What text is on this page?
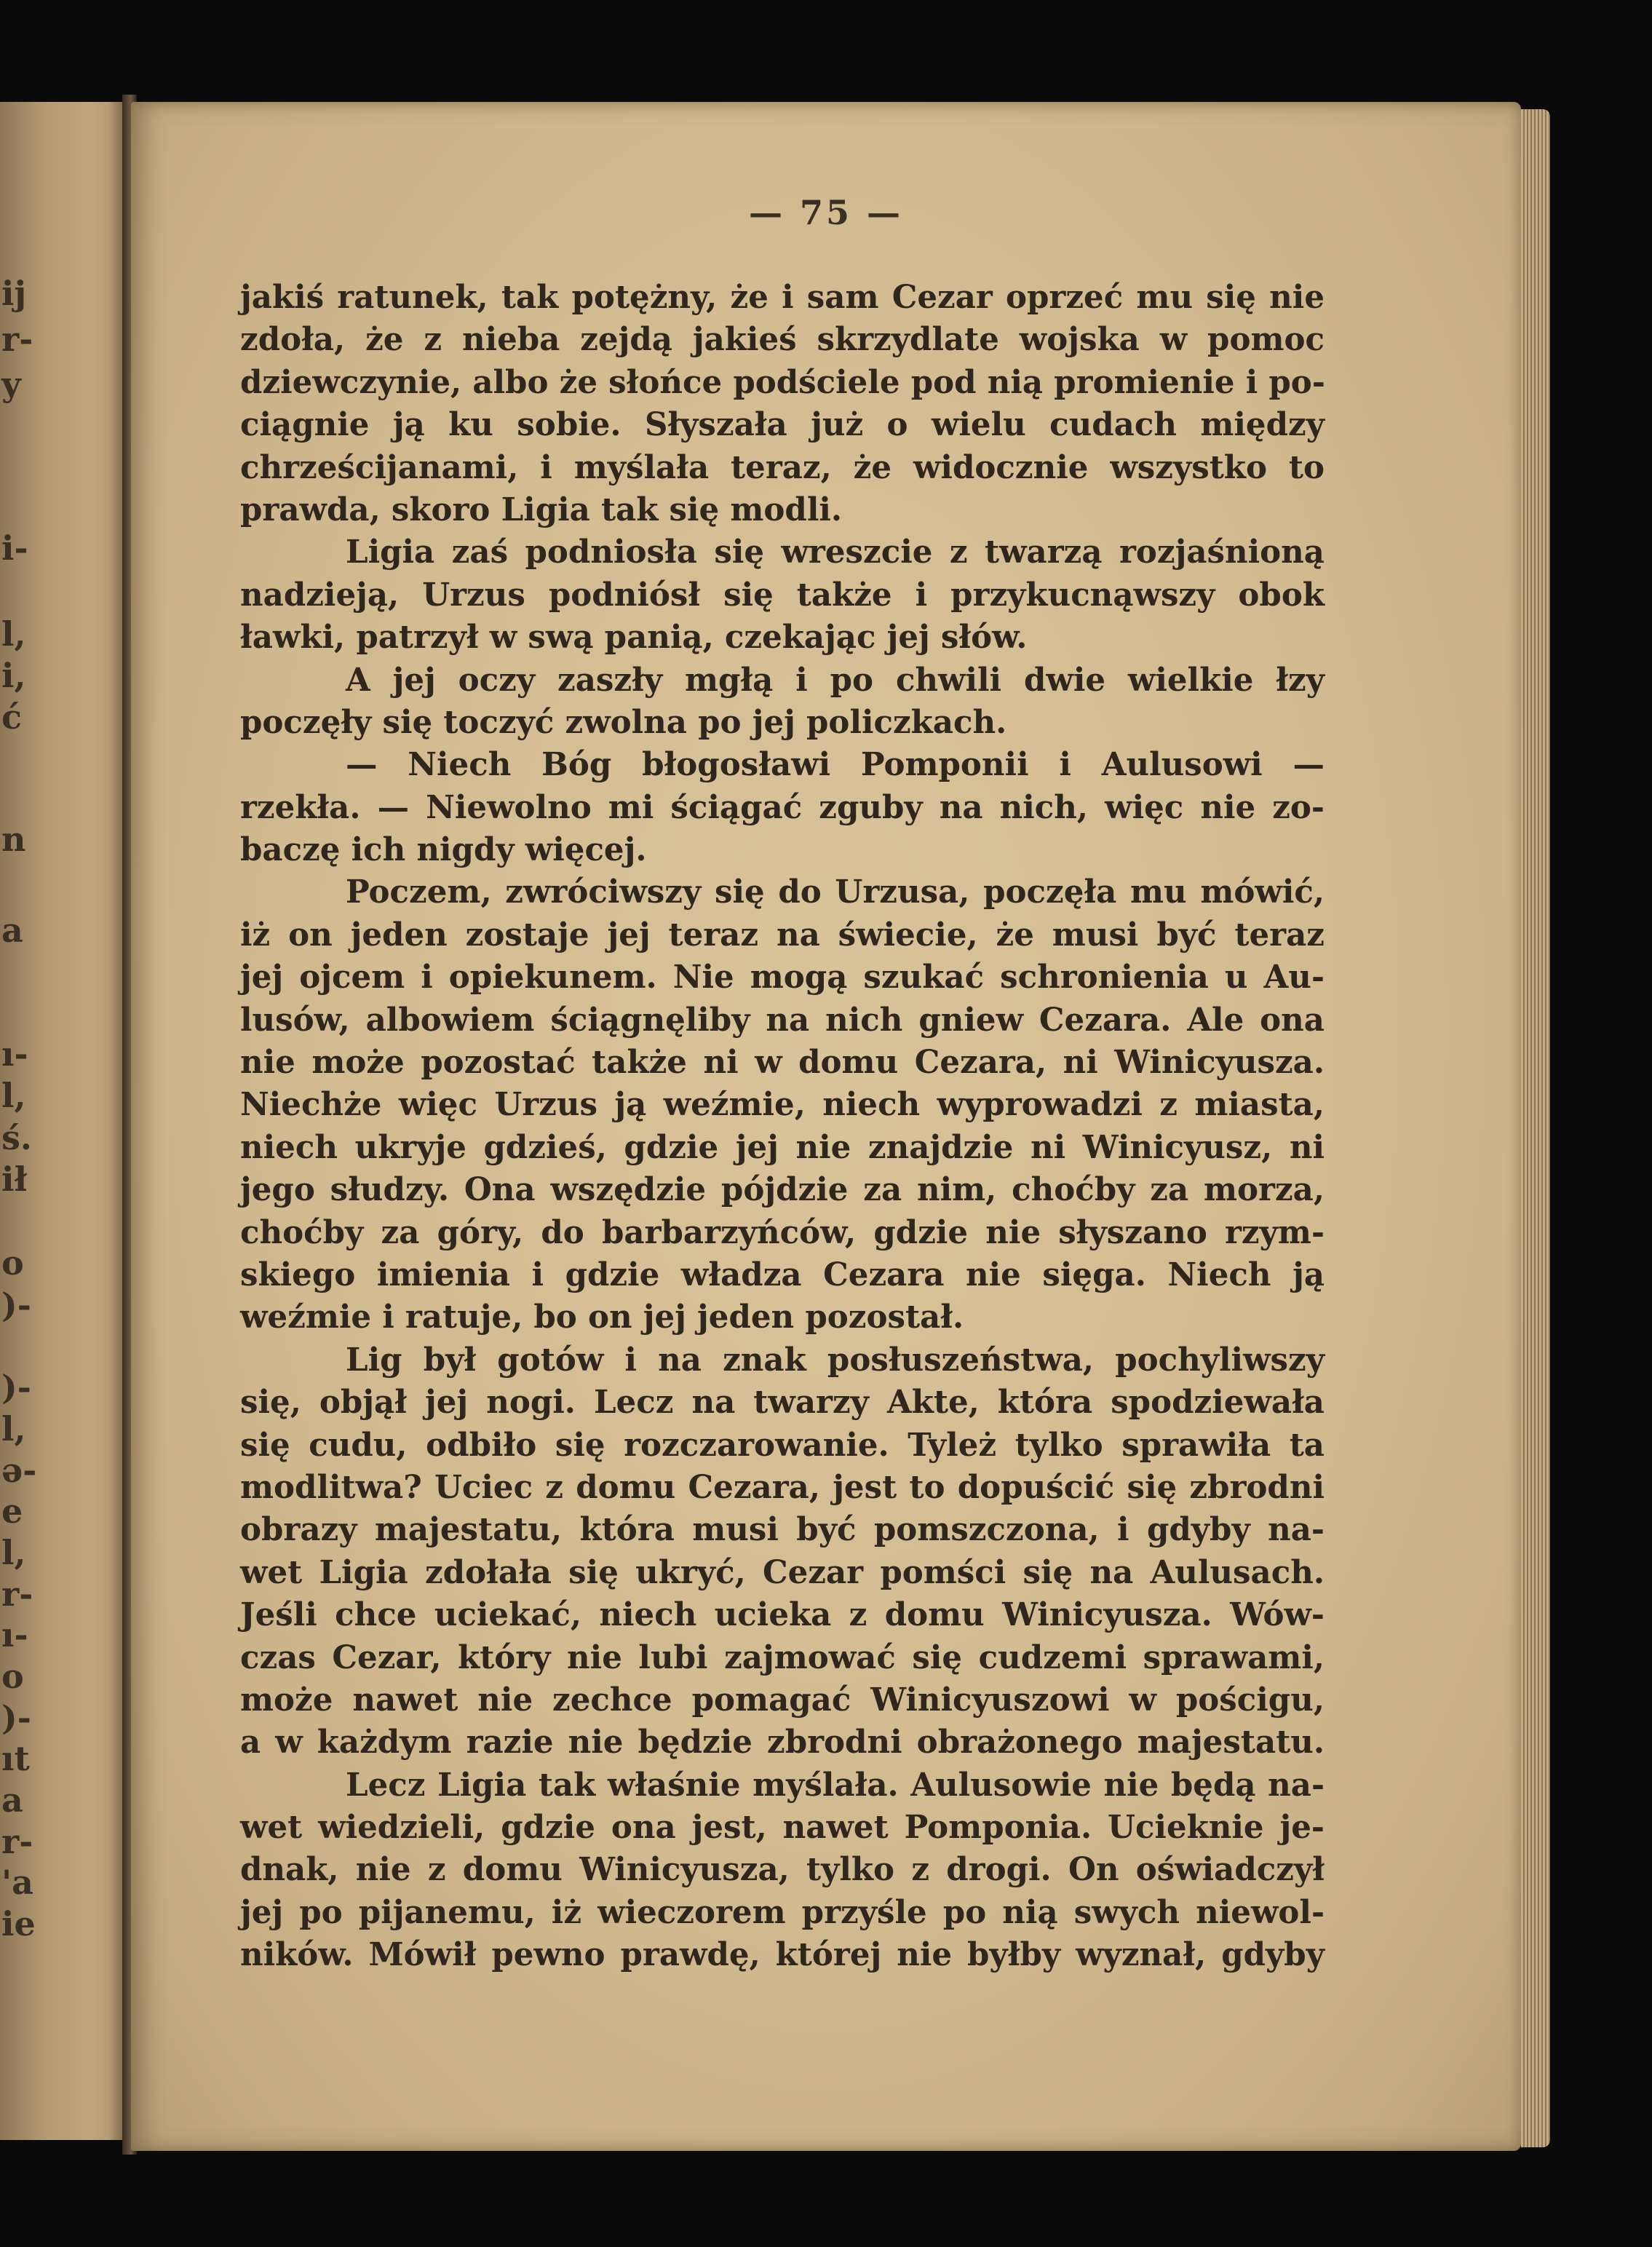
ij
r-
y
i-
l,
i,
ć
n
a
ı-
l,
ś.
ił
o
)-
)-
l,
ə-
e
l,
r-
ı-
o
)-
ıt
a
r-
'a
ie
— 75 —
jakiś ratunek, tak potężny, że i sam Cezar oprzeć mu się nie
zdoła, że z nieba zejdą jakieś skrzydlate wojska w pomoc
dziewczynie, albo że słońce podściele pod nią promienie i po-
ciągnie ją ku sobie. Słyszała już o wielu cudach między
chrześcijanami, i myślała teraz, że widocznie wszystko to
prawda, skoro Ligia tak się modli.
Ligia zaś podniosła się wreszcie z twarzą rozjaśnioną
nadzieją, Urzus podniósł się także i przykucnąwszy obok
ławki, patrzył w swą panią, czekając jej słów.
A jej oczy zaszły mgłą i po chwili dwie wielkie łzy
poczęły się toczyć zwolna po jej policzkach.
— Niech Bóg błogosławi Pomponii i Aulusowi —
rzekła. — Niewolno mi ściągać zguby na nich, więc nie zo-
baczę ich nigdy więcej.
Poczem, zwróciwszy się do Urzusa, poczęła mu mówić,
iż on jeden zostaje jej teraz na świecie, że musi być teraz
jej ojcem i opiekunem. Nie mogą szukać schronienia u Au-
lusów, albowiem ściągnęliby na nich gniew Cezara. Ale ona
nie może pozostać także ni w domu Cezara, ni Winicyusza.
Niechże więc Urzus ją weźmie, niech wyprowadzi z miasta,
niech ukryje gdzieś, gdzie jej nie znajdzie ni Winicyusz, ni
jego słudzy. Ona wszędzie pójdzie za nim, choćby za morza,
choćby za góry, do barbarzyńców, gdzie nie słyszano rzym-
skiego imienia i gdzie władza Cezara nie sięga. Niech ją
weźmie i ratuje, bo on jej jeden pozostał.
Lig był gotów i na znak posłuszeństwa, pochyliwszy
się, objął jej nogi. Lecz na twarzy Akte, która spodziewała
się cudu, odbiło się rozczarowanie. Tyleż tylko sprawiła ta
modlitwa? Uciec z domu Cezara, jest to dopuścić się zbrodni
obrazy majestatu, która musi być pomszczona, i gdyby na-
wet Ligia zdołała się ukryć, Cezar pomści się na Aulusach.
Jeśli chce uciekać, niech ucieka z domu Winicyusza. Wów-
czas Cezar, który nie lubi zajmować się cudzemi sprawami,
może nawet nie zechce pomagać Winicyuszowi w pościgu,
a w każdym razie nie będzie zbrodni obrażonego majestatu.
Lecz Ligia tak właśnie myślała. Aulusowie nie będą na-
wet wiedzieli, gdzie ona jest, nawet Pomponia. Ucieknie je-
dnak, nie z domu Winicyusza, tylko z drogi. On oświadczył
jej po pijanemu, iż wieczorem przyśle po nią swych niewol-
ników. Mówił pewno prawdę, której nie byłby wyznał, gdyby
